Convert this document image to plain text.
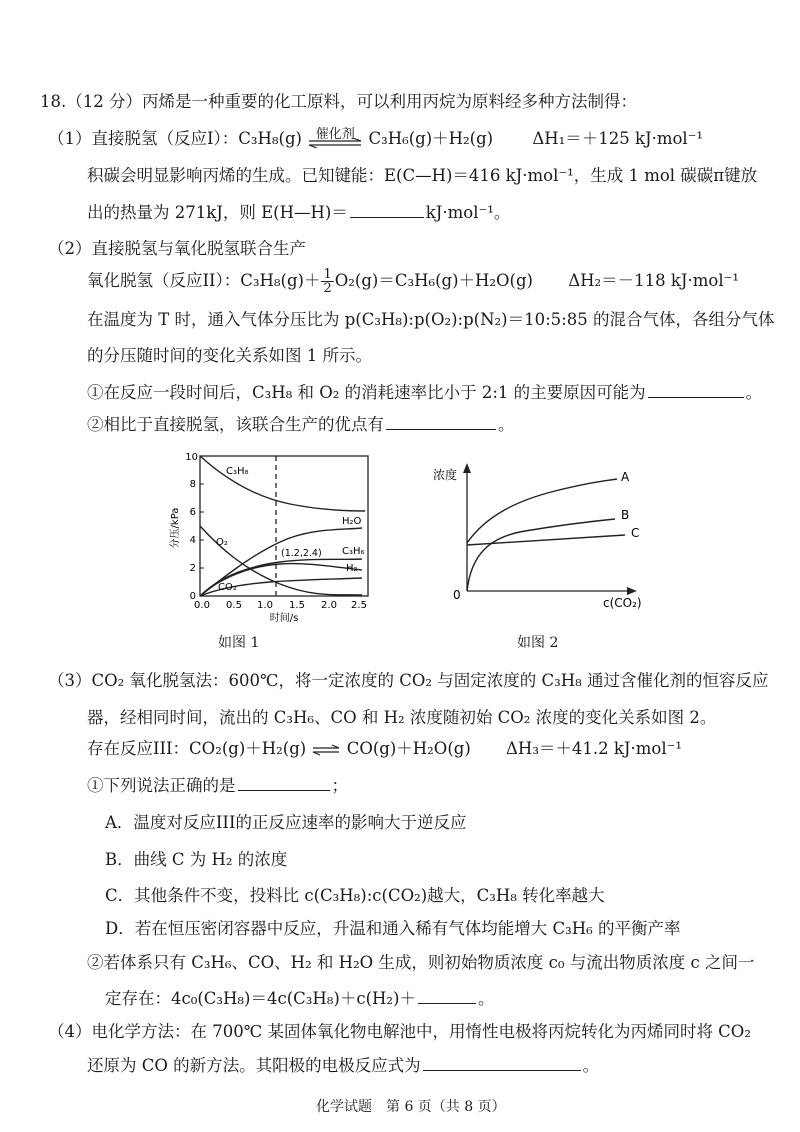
18.（12 分）丙烯是一种重要的化工原料，可以利用丙烷为原料经多种方法制得：
（1）直接脱氢（反应I）：C₃H₈(g)	催化剂 C₃H₆(g)＋H₂(g) ΔH₁＝＋125 kJ·mol⁻¹
积碳会明显影响丙烯的生成。已知键能：E(C—H)＝416 kJ·mol⁻¹，生成 1 mol 碳碳π键放
出的热量为 271kJ，则 E(H—H)＝	kJ·mol⁻¹。
（2）直接脱氢与氧化脱氢联合生产
氧化脱氢（反应II）：$C_3H_8(g)+ \frac{1}{2} O_2(g)=C_3H_6(g)+H_2O(g)$ ΔH₂＝－118 kJ·mol⁻¹
在温度为 T 时，通入气体分压比为 p(C₃H₈):p(O₂):p(N₂)＝10:5:85 的混合气体，各组分气体
的分压随时间的变化关系如图 1 所示。
①在反应一段时间后，C₃H₈ 和 O₂ 的消耗速率比小于 2:1 的主要原因可能为	。
②相比于直接脱氢，该联合生产的优点有	。
0
2
4
6
8
10
0.0 0.5 1.0 1.5 2.0 2.5
时间/s
分压/kPa
C₃H₈
H₂O
O₂
(1.2,2.4) C₃H₆
H₂
CO₂
如图 1
浓度
0
c(CO₂)
A
B
C
如图 2
（3）CO₂ 氧化脱氢法：600℃，将一定浓度的 CO₂ 与固定浓度的 C₃H₈ 通过含催化剂的恒容反应
器，经相同时间，流出的 C₃H₆、CO 和 H₂ 浓度随初始 CO₂ 浓度的变化关系如图 2。
存在反应III：CO₂(g)＋H₂(g) ⇌ CO(g)＋H₂O(g) ΔH₃＝＋41.2 kJ·mol⁻¹
①下列说法正确的是	；
A．温度对反应III的正反应速率的影响大于逆反应
B．曲线 C 为 H₂ 的浓度
C．其他条件不变，投料比 c(C₃H₈):c(CO₂)越大，C₃H₈ 转化率越大
D．若在恒压密闭容器中反应，升温和通入稀有气体均能增大 C₃H₆ 的平衡产率
②若体系只有 C₃H₆、CO、H₂ 和 H₂O 生成，则初始物质浓度 c₀ 与流出物质浓度 c 之间一
定存在：4c₀(C₃H₈)＝4c(C₃H₈)＋c(H₂)＋	。
（4）电化学方法：在 700℃ 某固体氧化物电解池中，用惰性电极将丙烷转化为丙烯同时将 CO₂
还原为 CO 的新方法。其阳极的电极反应式为	。
化学试题　第 6 页（共 8 页）
